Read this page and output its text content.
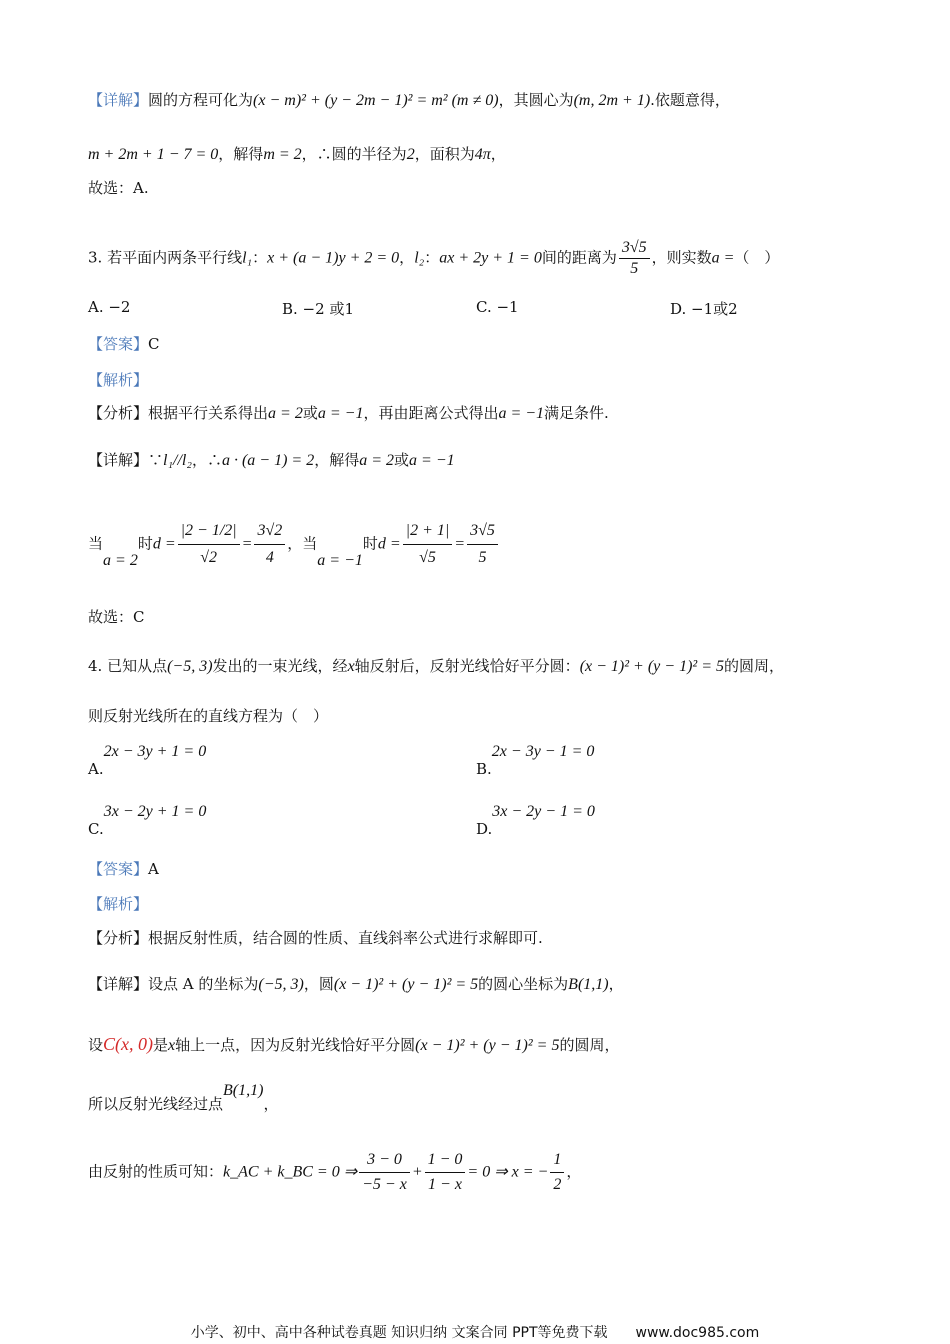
【详解】圆的方程可化为(x − m)² + (y − 2m − 1)² = m² (m ≠ 0)，其圆心为(m, 2m + 1).依题意得，
m + 2m + 1 − 7 = 0，解得m = 2，∴圆的半径为2，面积为4π，
故选：A.
3. 若平面内两条平行线l₁：x + (a − 1)y + 2 = 0，l₂：ax + 2y + 1 = 0间的距离为 $\frac{3√5}{5}$ ，则实数a =（　）
A. −2	B. −2 或1	C. −1	D. −1或2
【答案】C
【解析】
【分析】根据平行关系得出a = 2或a = −1，再由距离公式得出a = −1满足条件.
【详解】∵l₁//l₂，∴a · (a − 1) = 2，解得a = 2或a = −1
当a = 2时$d = \frac{|2 - 1/2|}{√2} = \frac{3√2}{4}$ ，当a = −1时$d = \frac{|2 + 1|}{√5} = \frac{3√5}{5}$
故选：C
4. 已知从点(−5, 3)发出的一束光线，经x轴反射后，反射光线恰好平分圆：(x − 1)² + (y − 1)² = 5的圆周，
则反射光线所在的直线方程为（　）
A.2x − 3y + 1 = 0
B.2x − 3y − 1 = 0
C.3x − 2y + 1 = 0
D.3x − 2y − 1 = 0
【答案】A
【解析】
【分析】根据反射性质，结合圆的性质、直线斜率公式进行求解即可.
【详解】设点 A 的坐标为(−5, 3)，圆(x − 1)² + (y − 1)² = 5的圆心坐标为B(1,1)，
设C(x, 0)是x轴上一点，因为反射光线恰好平分圆(x − 1)² + (y − 1)² = 5的圆周，
所以反射光线经过点B(1,1)，
由反射的性质可知：k_AC + k_BC = 0 ⇒ $\frac{3 - 0}{-5 - x} + \frac{1 - 0}{1 - x} = 0$ ⇒ x = − $\frac{1}{2}$ ，
小学、初中、高中各种试卷真题 知识归纳 文案合同 PPT等免费下载　　www.doc985.com
